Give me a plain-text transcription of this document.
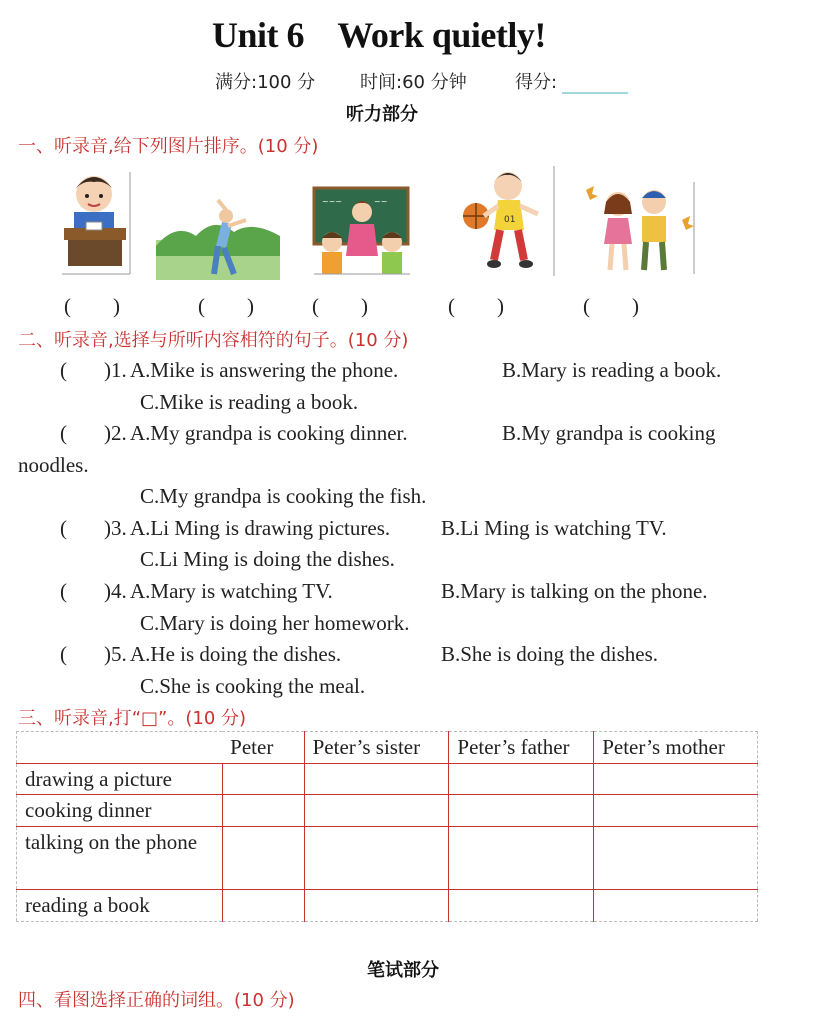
Unit 6    Work quietly!
满分:100 分 时间:60 分钟	得分:
听力部分
一、听录音,给下列图片排序。(10 分)
~~~	~~
01
(        )	(        )	(        )	(        )	(        )
二、听录音,选择与所听内容相符的句子。(10 分)
( )1. A.Mike is answering the phone.	B.Mary is reading a book.
C.Mike is reading a book.
( )2. A.My grandpa is cooking dinner.	B.My grandpa is cooking
noodles.
C.My grandpa is cooking the fish.
( )3. A.Li Ming is drawing pictures. B.Li Ming is watching TV.
C.Li Ming is doing the dishes.
( )4. A.Mary is watching TV.	B.Mary is talking on the phone.
C.Mary is doing her homework.
( )5. A.He is doing the dishes.	B.She is doing the dishes.
C.She is cooking the meal.
三、听录音,打“□”。(10 分)
	Peter	Peter’s sister	Peter’s father	Peter’s mother
drawing a picture				
cooking dinner				
talking on the phone				
reading a book				
笔试部分
四、看图选择正确的词组。(10 分)
